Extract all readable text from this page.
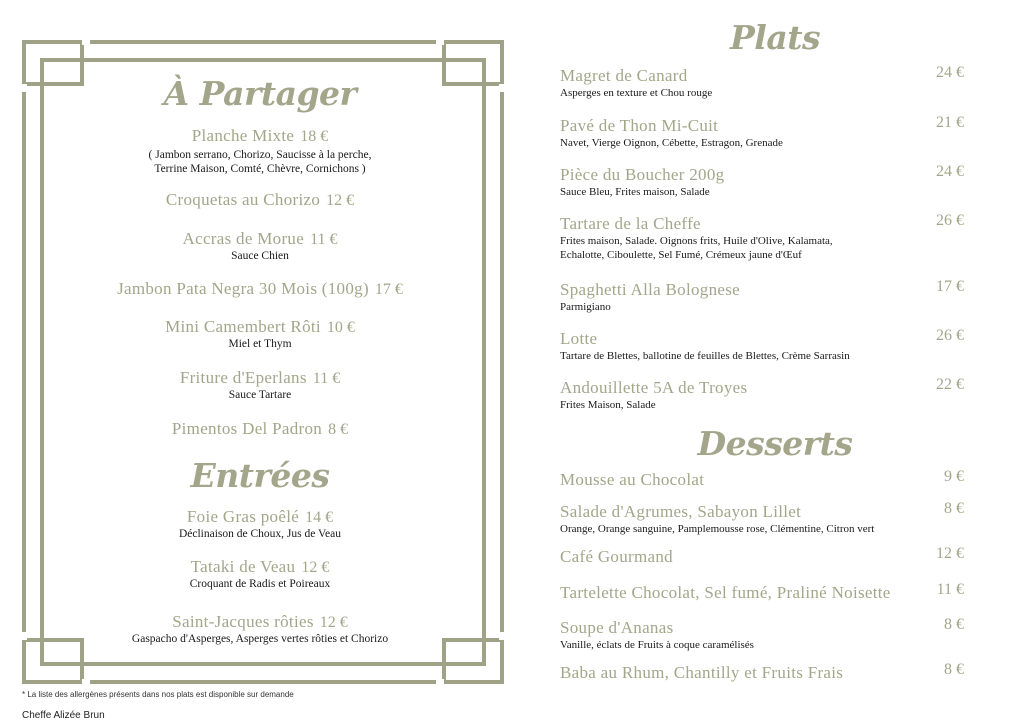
À Partager
Planche Mixte 18 €
( Jambon serrano, Chorizo, Saucisse à la perche,
Terrine Maison, Comté, Chèvre, Cornichons )
Croquetas au Chorizo 12 €
Accras de Morue 11 €
Sauce Chien
Jambon Pata Negra 30 Mois (100g) 17 €
Mini Camembert Rôti 10 €
Miel et Thym
Friture d'Eperlans 11 €
Sauce Tartare
Pimentos Del Padron 8 €
Entrées
Foie Gras poêlé 14 €
Déclinaison de Choux, Jus de Veau
Tataki de Veau 12 €
Croquant de Radis et Poireaux
Saint-Jacques rôties 12 €
Gaspacho d'Asperges, Asperges vertes rôties et Chorizo
* La liste des allergènes présents dans nos plats est disponible sur demande
Cheffe Alizée Brun
Plats
Magret de Canard	24 €
Asperges en texture et Chou rouge
Pavé de Thon Mi-Cuit	21 €
Navet, Vierge Oignon, Cébette, Estragon, Grenade
Pièce du Boucher 200g	24 €
Sauce Bleu, Frites maison, Salade
Tartare de la Cheffe	26 €
Frites maison, Salade. Oignons frits, Huile d'Olive, Kalamata,
Echalotte, Ciboulette, Sel Fumé, Crémeux jaune d'Œuf
Spaghetti Alla Bolognese	17 €
Parmigiano
Lotte	26 €
Tartare de Blettes, ballotine de feuilles de Blettes, Crème Sarrasin
Andouillette 5A de Troyes	22 €
Frites Maison, Salade
Desserts
Mousse au Chocolat	9 €
Salade d'Agrumes, Sabayon Lillet	8 €
Orange, Orange sanguine, Pamplemousse rose, Clémentine, Citron vert
Café Gourmand	12 €
Tartelette Chocolat, Sel fumé, Praliné Noisette	11 €
Soupe d'Ananas	8 €
Vanille, éclats de Fruits à coque caramélisés
Baba au Rhum, Chantilly et Fruits Frais	8 €
